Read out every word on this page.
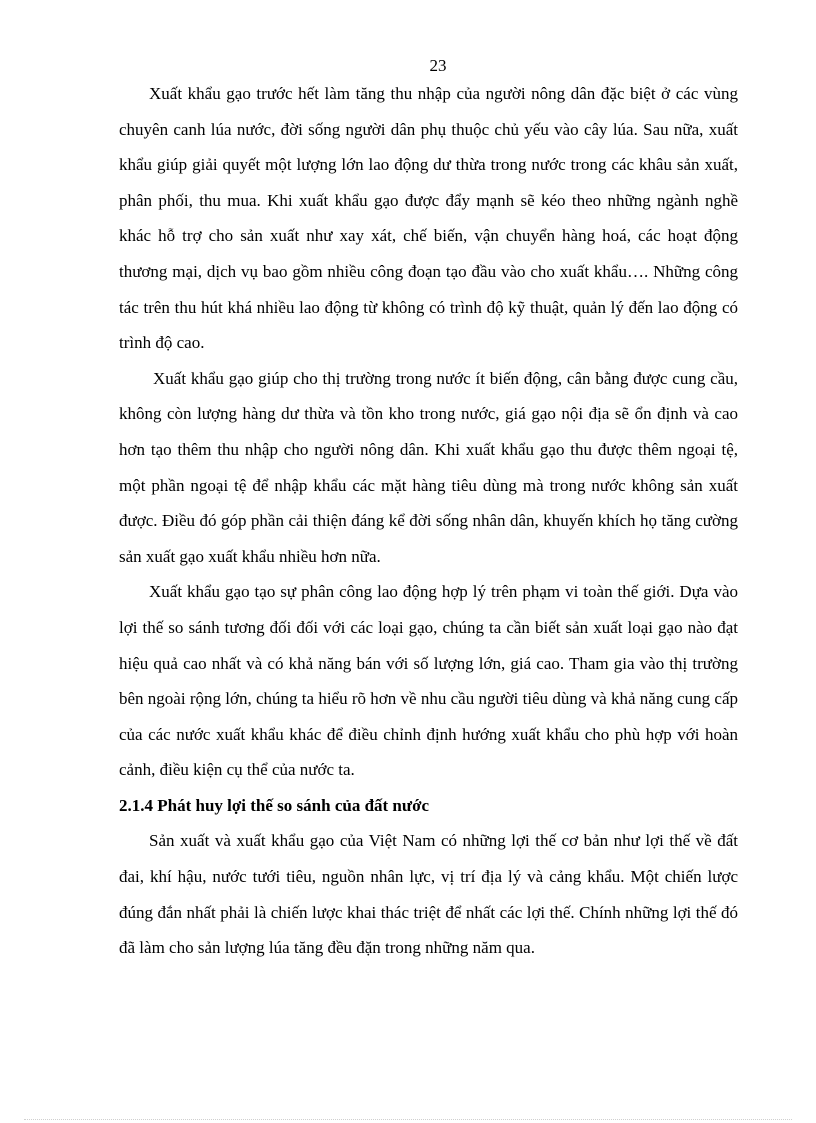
23

Xuất khẩu gạo trước hết làm tăng thu nhập của người nông dân đặc biệt ở các vùng chuyên canh lúa nước, đời sống người dân phụ thuộc chủ yếu vào cây lúa. Sau nữa, xuất khẩu giúp giải quyết một lượng lớn lao động dư thừa trong nước trong các khâu sản xuất, phân phối, thu mua. Khi xuất khẩu gạo được đẩy mạnh sẽ kéo theo những ngành nghề khác hỗ trợ cho sản xuất như xay xát, chế biến, vận chuyển hàng hoá, các hoạt động thương mại, dịch vụ bao gồm nhiều công đoạn tạo đầu vào cho xuất khẩu…. Những công tác trên thu hút khá nhiều lao động từ không có trình độ kỹ thuật, quản lý đến lao động có trình độ cao.

Xuất khẩu gạo giúp cho thị trường trong nước ít biến động, cân bằng được cung cầu, không còn lượng hàng dư thừa và tồn kho trong nước, giá gạo nội địa sẽ ổn định và cao hơn tạo thêm thu nhập cho người nông dân. Khi xuất khẩu gạo thu được thêm ngoại tệ, một phần ngoại tệ để nhập khẩu các mặt hàng tiêu dùng mà trong nước không sản xuất được. Điều đó góp phần cải thiện đáng kể đời sống nhân dân, khuyến khích họ tăng cường sản xuất gạo xuất khẩu nhiều hơn nữa.

Xuất khẩu gạo tạo sự phân công lao động hợp lý trên phạm vi toàn thế giới. Dựa vào lợi thế so sánh tương đối đối với các loại gạo, chúng ta cần biết sản xuất loại gạo nào đạt hiệu quả cao nhất và có khả năng bán với số lượng lớn, giá cao. Tham gia vào thị trường bên ngoài rộng lớn, chúng ta hiểu rõ hơn về nhu cầu người tiêu dùng và khả năng cung cấp của các nước xuất khẩu khác để điều chỉnh định hướng xuất khẩu cho phù hợp với hoàn cảnh, điều kiện cụ thể của nước ta.

2.1.4 Phát huy lợi thế so sánh của đất nước

Sản xuất và xuất khẩu gạo của Việt Nam có những lợi thế cơ bản như lợi thế về đất đai, khí hậu, nước tưới tiêu, nguồn nhân lực, vị trí địa lý và cảng khẩu. Một chiến lược đúng đắn nhất phải là chiến lược khai thác triệt để nhất các lợi thế. Chính những lợi thế đó đã làm cho sản lượng lúa tăng đều đặn trong những năm qua.
